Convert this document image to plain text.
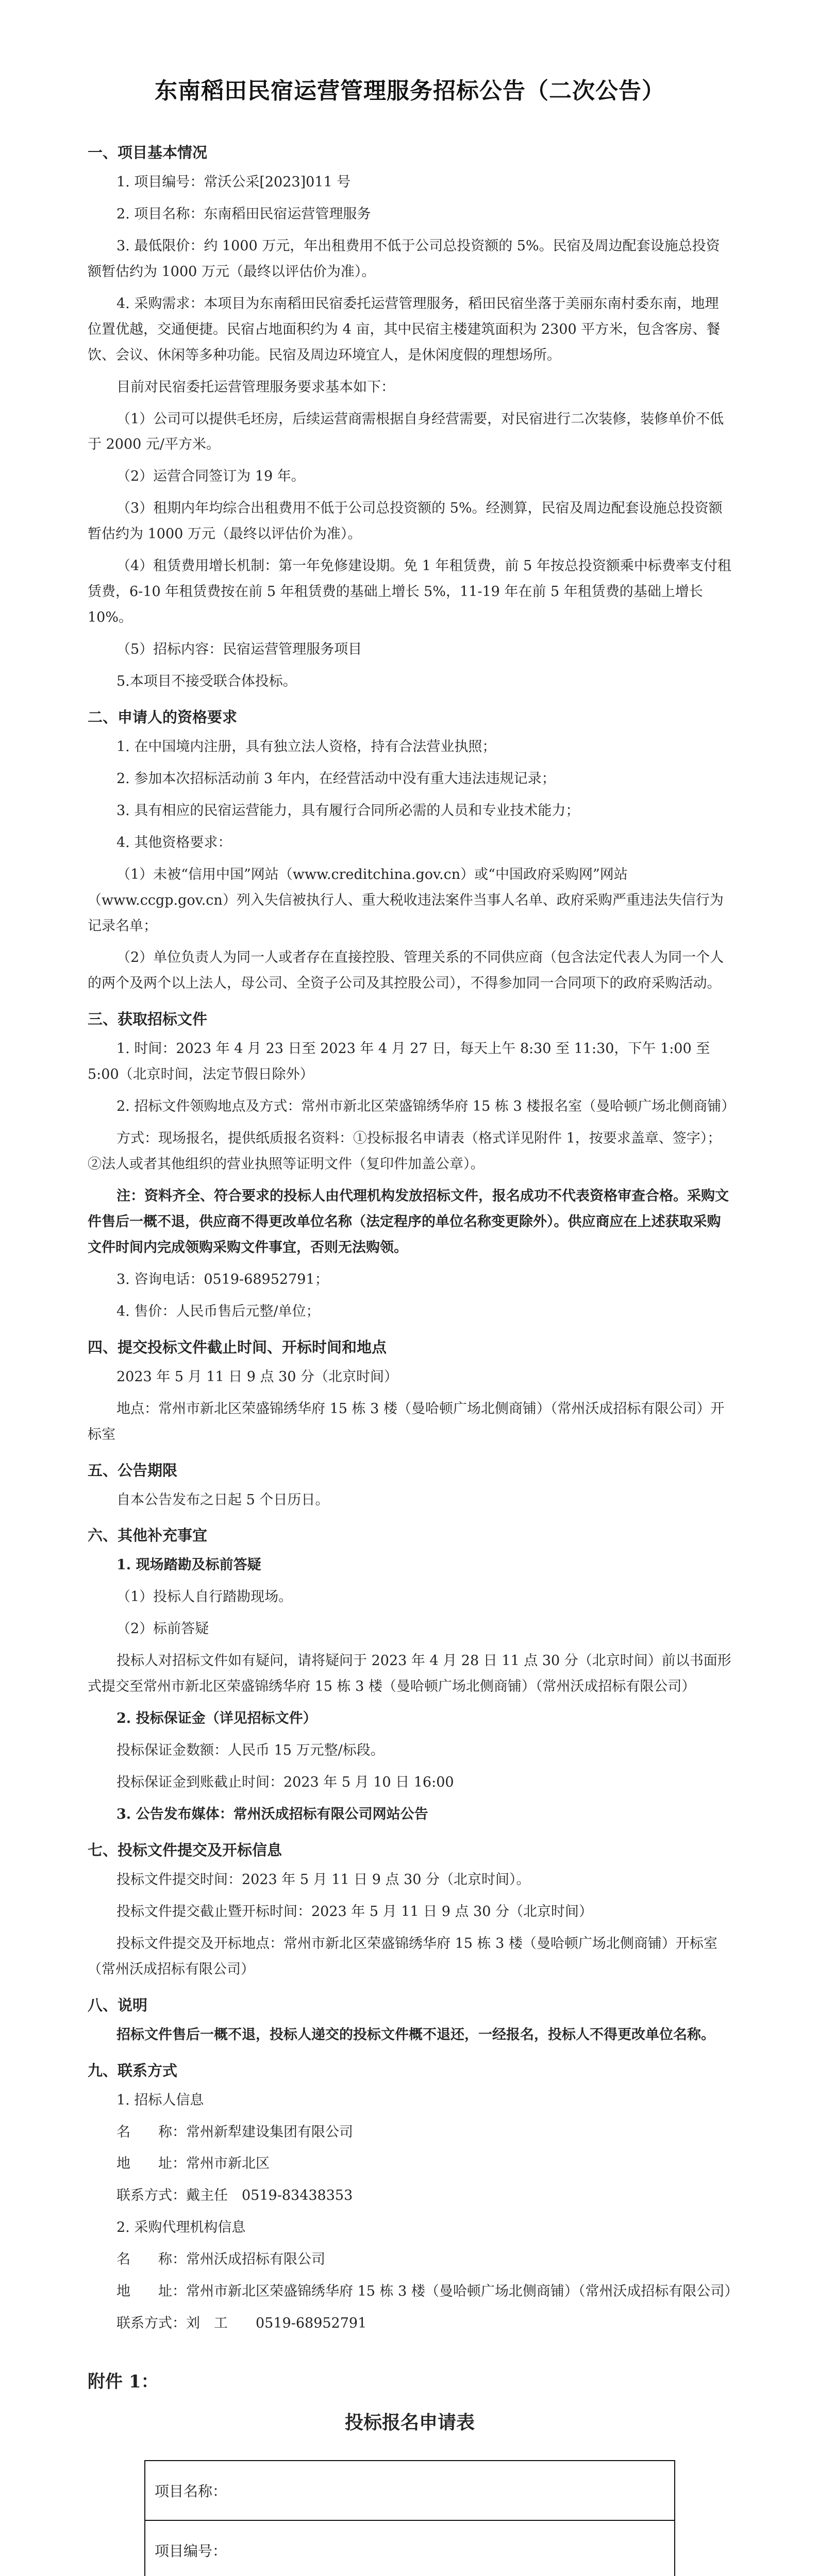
东南稻田民宿运营管理服务招标公告（二次公告）
一、项目基本情况

1. 项目编号：常沃公采[2023]011 号

2. 项目名称：东南稻田民宿运营管理服务

3. 最低限价：约 1000 万元，年出租费用不低于公司总投资额的 5%。民宿及周边配套设施总投资额暂估约为 1000 万元（最终以评估价为准）。

4. 采购需求：本项目为东南稻田民宿委托运营管理服务，稻田民宿坐落于美丽东南村委东南，地理位置优越，交通便捷。民宿占地面积约为 4 亩，其中民宿主楼建筑面积为 2300 平方米，包含客房、餐饮、会议、休闲等多种功能。民宿及周边环境宜人，是休闲度假的理想场所。

目前对民宿委托运营管理服务要求基本如下：

（1）公司可以提供毛坯房，后续运营商需根据自身经营需要，对民宿进行二次装修，装修单价不低于 2000 元/平方米。

（2）运营合同签订为 19 年。

（3）租期内年均综合出租费用不低于公司总投资额的 5%。经测算，民宿及周边配套设施总投资额暂估约为 1000 万元（最终以评估价为准）。

（4）租赁费用增长机制：第一年免修建设期。免 1 年租赁费，前 5 年按总投资额乘中标费率支付租赁费，6-10 年租赁费按在前 5 年租赁费的基础上增长 5%，11-19 年在前 5 年租赁费的基础上增长 10%。

（5）招标内容：民宿运营管理服务项目

5.本项目不接受联合体投标。

二、申请人的资格要求

1. 在中国境内注册，具有独立法人资格，持有合法营业执照；

2. 参加本次招标活动前 3 年内，在经营活动中没有重大违法违规记录；

3. 具有相应的民宿运营能力，具有履行合同所必需的人员和专业技术能力；

4. 其他资格要求：

（1）未被“信用中国”网站（www.creditchina.gov.cn）或“中国政府采购网”网站（www.ccgp.gov.cn）列入失信被执行人、重大税收违法案件当事人名单、政府采购严重违法失信行为记录名单；

（2）单位负责人为同一人或者存在直接控股、管理关系的不同供应商（包含法定代表人为同一个人的两个及两个以上法人，母公司、全资子公司及其控股公司），不得参加同一合同项下的政府采购活动。

三、获取招标文件

1. 时间：2023 年 4 月 23 日至 2023 年 4 月 27 日，每天上午 8:30 至 11:30，下午 1:00 至 5:00（北京时间，法定节假日除外）

2. 招标文件领购地点及方式：常州市新北区荣盛锦绣华府 15 栋 3 楼报名室（曼哈顿广场北侧商铺）

方式：现场报名，提供纸质报名资料：①投标报名申请表（格式详见附件 1，按要求盖章、签字）；②法人或者其他组织的营业执照等证明文件（复印件加盖公章）。

注：资料齐全、符合要求的投标人由代理机构发放招标文件，报名成功不代表资格审查合格。采购文件售后一概不退，供应商不得更改单位名称（法定程序的单位名称变更除外）。供应商应在上述获取采购文件时间内完成领购采购文件事宜，否则无法购领。

3. 咨询电话：0519-68952791；

4. 售价：人民币售后元整/单位；

四、提交投标文件截止时间、开标时间和地点

2023 年 5 月 11 日 9 点 30 分（北京时间）

地点：常州市新北区荣盛锦绣华府 15 栋 3 楼（曼哈顿广场北侧商铺）（常州沃成招标有限公司）开标室

五、公告期限

自本公告发布之日起 5 个日历日。

六、其他补充事宜

1. 现场踏勘及标前答疑

（1）投标人自行踏勘现场。

（2）标前答疑

投标人对招标文件如有疑问，请将疑问于 2023 年 4 月 28 日 11 点 30 分（北京时间）前以书面形式提交至常州市新北区荣盛锦绣华府 15 栋 3 楼（曼哈顿广场北侧商铺）（常州沃成招标有限公司）

2. 投标保证金（详见招标文件）

投标保证金数额：人民币 15 万元整/标段。

投标保证金到账截止时间：2023 年 5 月 10 日 16:00

3. 公告发布媒体：常州沃成招标有限公司网站公告

七、投标文件提交及开标信息

投标文件提交时间：2023 年 5 月 11 日 9 点 30 分（北京时间）。

投标文件提交截止暨开标时间：2023 年 5 月 11 日 9 点 30 分（北京时间）

投标文件提交及开标地点：常州市新北区荣盛锦绣华府 15 栋 3 楼（曼哈顿广场北侧商铺）开标室（常州沃成招标有限公司）

八、说明

招标文件售后一概不退，投标人递交的投标文件概不退还，一经报名，投标人不得更改单位名称。

九、联系方式

1. 招标人信息

名　　称：常州新犁建设集团有限公司

地　　址：常州市新北区

联系方式：戴主任　0519-83438353

2. 采购代理机构信息

名　　称：常州沃成招标有限公司

地　　址：常州市新北区荣盛锦绣华府 15 栋 3 楼（曼哈顿广场北侧商铺）（常州沃成招标有限公司）

联系方式：刘　工　　0519-68952791

附件 1：
投标报名申请表
项目名称：
项目编号：
